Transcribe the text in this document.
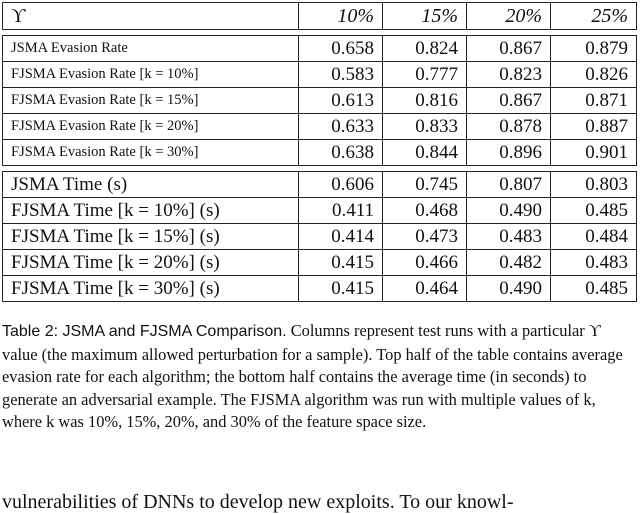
ϒ	10%	15%	20%	25%

JSMA Evasion Rate	0.658	0.824	0.867	0.879
FJSMA Evasion Rate [k = 10%]	0.583	0.777	0.823	0.826
FJSMA Evasion Rate [k = 15%]	0.613	0.816	0.867	0.871
FJSMA Evasion Rate [k = 20%]	0.633	0.833	0.878	0.887
FJSMA Evasion Rate [k = 30%]	0.638	0.844	0.896	0.901

JSMA Time (s)	0.606	0.745	0.807	0.803
FJSMA Time [k = 10%] (s)	0.411	0.468	0.490	0.485
FJSMA Time [k = 15%] (s)	0.414	0.473	0.483	0.484
FJSMA Time [k = 20%] (s)	0.415	0.466	0.482	0.483
FJSMA Time [k = 30%] (s)	0.415	0.464	0.490	0.485

Table 2: JSMA and FJSMA Comparison. Columns represent test runs with a particular ϒ value (the maximum allowed perturbation for a sample). Top half of the table contains average evasion rate for each algorithm; the bottom half contains the average time (in seconds) to generate an adversarial example. The FJSMA algorithm was run with multiple values of k, where k was 10%, 15%, 20%, and 30% of the feature space size.

vulnerabilities of DNNs to develop new exploits. To our knowl-
